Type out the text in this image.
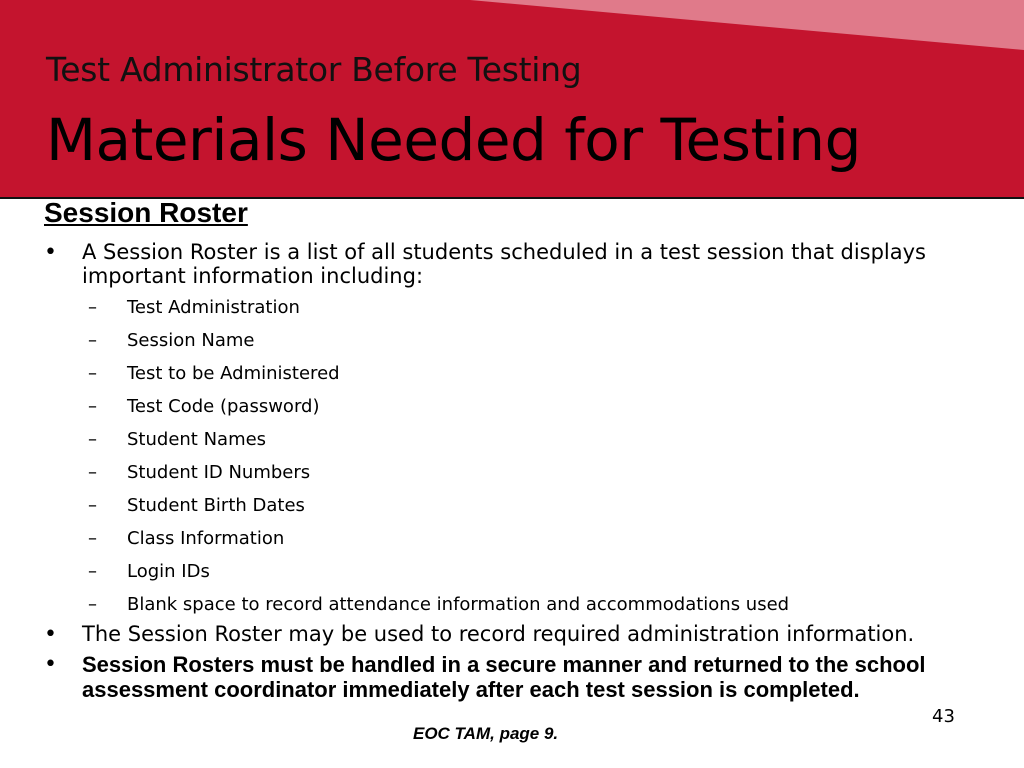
Test Administrator Before Testing
Materials Needed for Testing
Session Roster
• A Session Roster is a list of all students scheduled in a test session that displays important information including:
– Test Administration
– Session Name
– Test to be Administered
– Test Code (password)
– Student Names
– Student ID Numbers
– Student Birth Dates
– Class Information
– Login IDs
– Blank space to record attendance information and accommodations used
• The Session Roster may be used to record required administration information.
• Session Rosters must be handled in a secure manner and returned to the school assessment coordinator immediately after each test session is completed.
43
EOC TAM, page 9.
